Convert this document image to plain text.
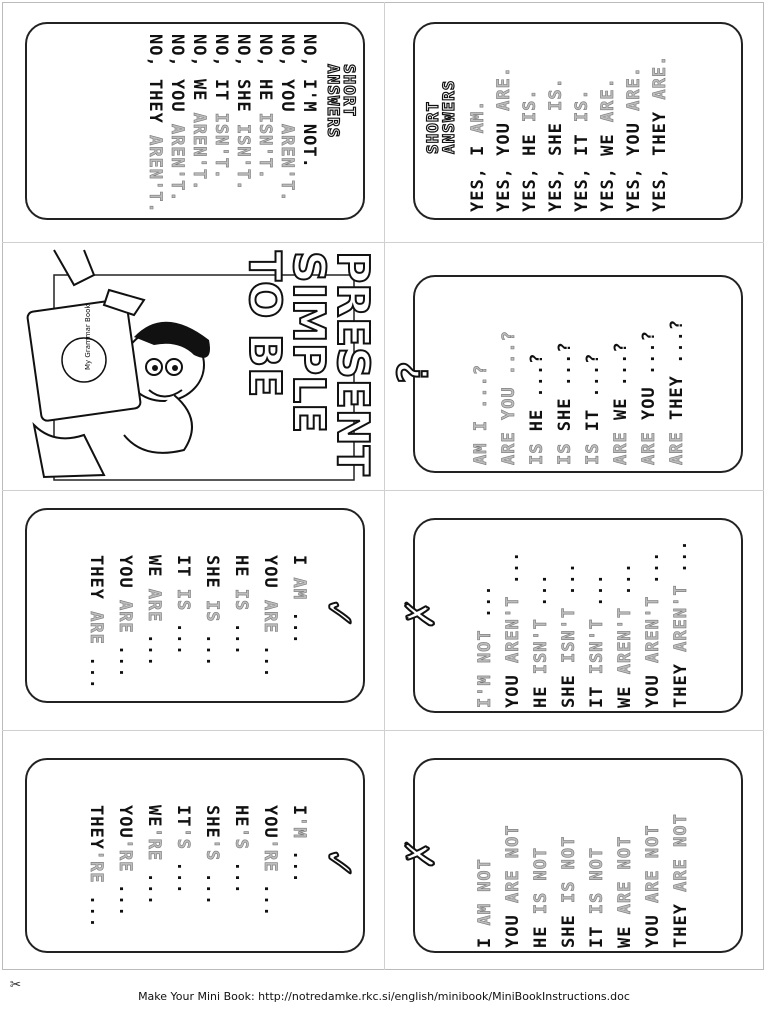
SHORT
ANSWERS
NO, I'M NOT.
NO, YOU AREN'T.
NO, HE ISN'T.
NO, SHE ISN'T.
NO, IT ISN'T.
NO, WE AREN'T.
NO, YOU AREN'T.
NO, THEY AREN'T.
SHORT
ANSWERS
YES, I AM. YES, YOU ARE.
YES, HE IS.
YES, SHE IS.
YES, IT IS.
YES, WE ARE.
YES, YOU ARE.
YES, THEY ARE.
My Grammar Book	PRESENT
SIMPLE
TO BE ? AM I ...? ARE YOU ...?
IS HE ...?
IS SHE ...?
IS IT ...?
ARE WE ...?
ARE YOU ...?
ARE THEY ...?
✓
I AM ...
YOU ARE ...
HE IS ...
SHE IS ...
IT IS ...
WE ARE ...
YOU ARE ...
THEY ARE ...
✗
I'M NOT ...
YOU AREN'T ...
HE ISN'T ...
SHE ISN'T ...
IT ISN'T ...
WE AREN'T ...
YOU AREN'T ...
THEY AREN'T ...
✓
I'M ...
YOU'RE ...
HE'S ...
SHE'S ...
IT'S ...
WE'RE ...
YOU'RE ...
THEY'RE ...
✗
I AM NOT
YOU ARE NOT
HE IS NOT
SHE IS NOT
IT IS NOT
WE ARE NOT
YOU ARE NOT
THEY ARE NOT
✂
Make Your Mini Book: http://notredamke.rkc.si/english/minibook/MiniBookInstructions.doc
